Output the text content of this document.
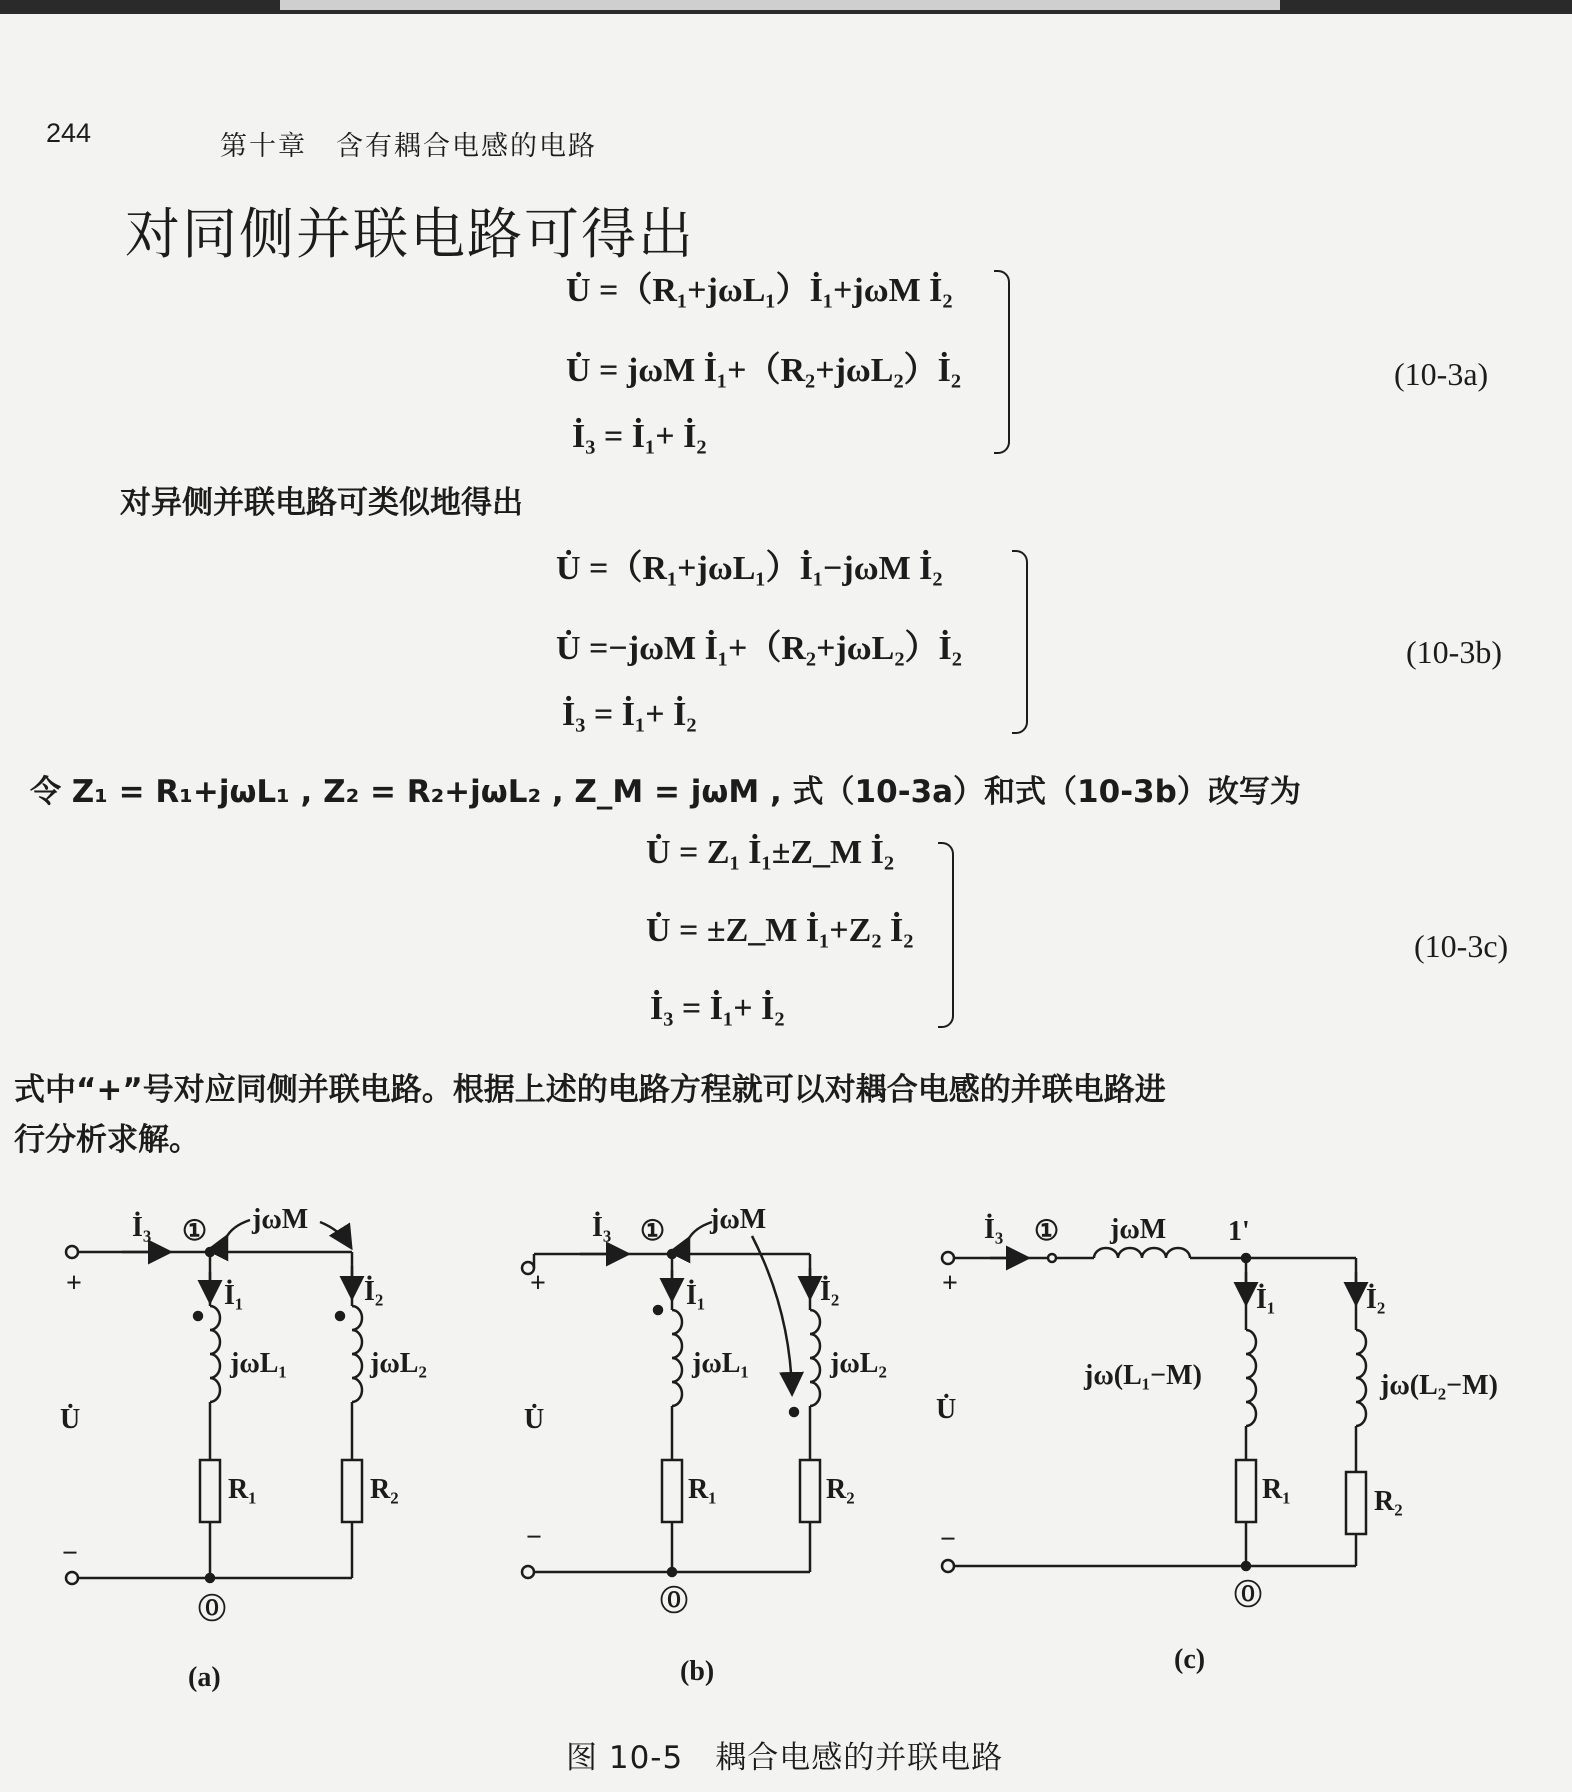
244	第十章　含有耦合电感的电路
对同侧并联电路可得出
U̇ =（R₁+jωL₁）İ₁+jωM İ₂
U̇ = jωM İ₁+（R₂+jωL₂）İ₂
İ₃ = İ₁+ İ₂
(10-3a)
对异侧并联电路可类似地得出
U̇ =（R₁+jωL₁）İ₁−jωM İ₂
U̇ =−jωM İ₁+（R₂+jωL₂）İ₂
İ₃ = İ₁+ İ₂
(10-3b)
令 Z₁ = R₁+jωL₁ , Z₂ = R₂+jωL₂ , Z_M = jωM , 式（10-3a）和式（10-3b）改写为
U̇ = Z₁ İ₁±Z_M İ₂
U̇ = ±Z_M İ₁+Z₂ İ₂
İ₃ = İ₁+ İ₂
(10-3c)
式中“+”号对应同侧并联电路。根据上述的电路方程就可以对耦合电感的并联电路进
行分析求解。
İ₃ ① jωM
İ₁	İ₂
jωL₁	jωL₂
U̇
+
−
R₁	R₂
⓪
İ₃ ① jωM
İ₁	İ₂
jωL₁	jωL₂
U̇
+
−
R₁	R₂
⓪
İ₃ ① jωM 1'
İ₁	İ₂
jω(L₁−M)	jω(L₂−M)
U̇
+
−
R₁	R₂
⓪
(a)	(b)	(c)
图 10-5　耦合电感的并联电路
